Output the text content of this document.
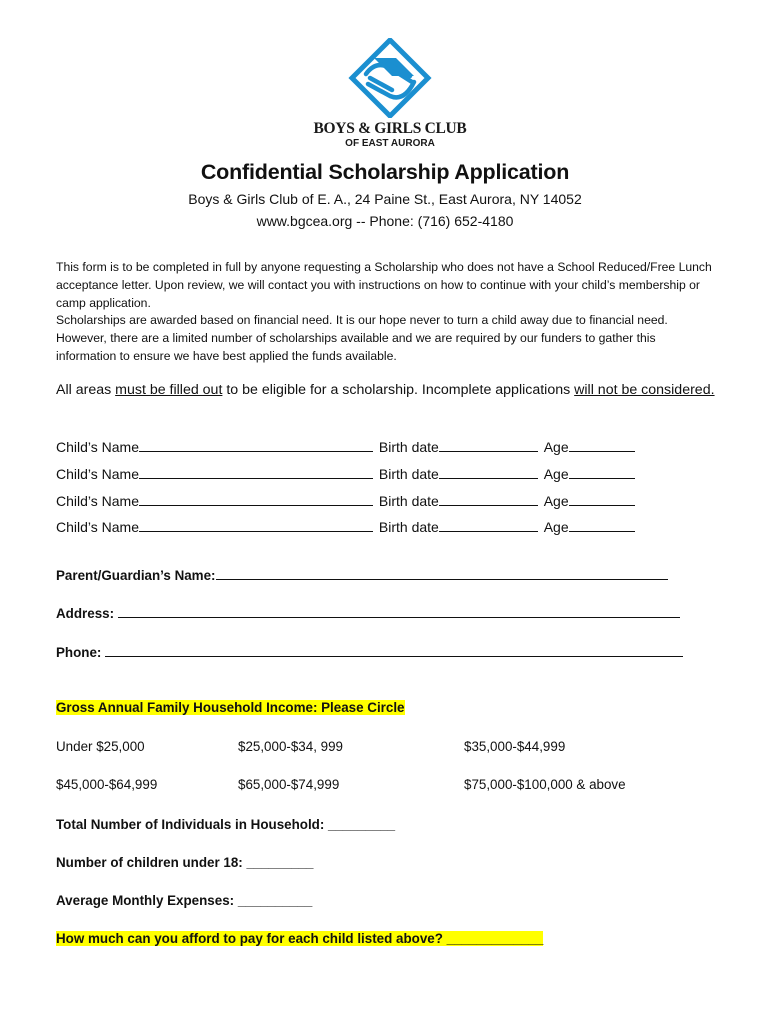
BOYS & GIRLS CLUB
OF EAST AURORA
Confidential Scholarship Application
Boys & Girls Club of E. A., 24 Paine St., East Aurora, NY 14052
www.bgcea.org -- Phone: (716) 652-4180

This form is to be completed in full by anyone requesting a Scholarship who does not have a School Reduced/Free Lunch acceptance letter. Upon review, we will contact you with instructions on how to continue with your child’s membership or camp application.

Scholarships are awarded based on financial need. It is our hope never to turn a child away due to financial need. However, there are a limited number of scholarships available and we are required by our funders to gather this information to ensure we have best applied the funds available.

All areas must be filled out to be eligible for a scholarship. Incomplete applications will not be considered.
Child’s Name	Birth date	Age
Child’s Name	Birth date	Age
Child’s Name	Birth date	Age
Child’s Name	Birth date	Age
Parent/Guardian’s Name:
Address:
Phone:
Gross Annual Family Household Income: Please Circle
Under $25,000	$25,000-$34, 999	$35,000-$44,999
$45,000-$64,999	$65,000-$74,999	$75,000-$100,000 & above
Total Number of Individuals in Household: _________
Number of children under 18: _________
Average Monthly Expenses: __________
How much can you afford to pay for each child listed above? _____________
